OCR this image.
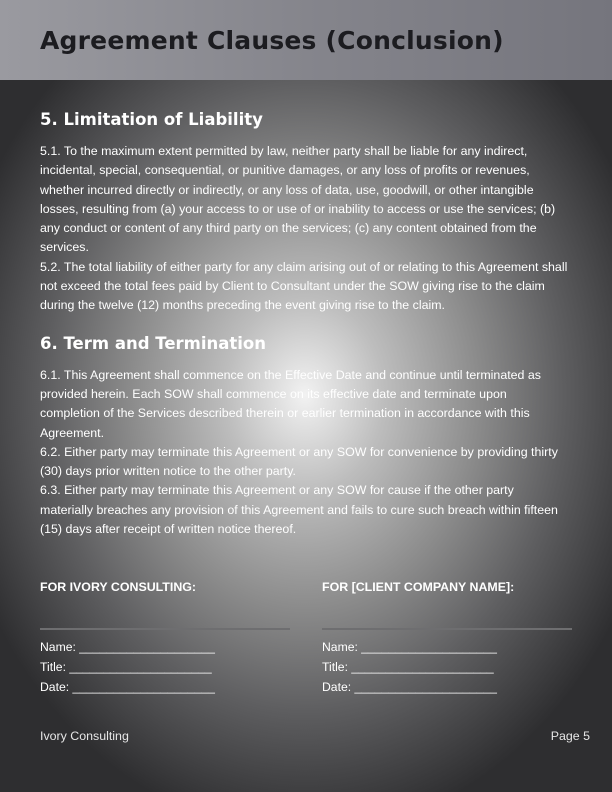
Agreement Clauses (Conclusion)
5. Limitation of Liability

5.1. To the maximum extent permitted by law, neither party shall be liable for any indirect, incidental, special, consequential, or punitive damages, or any loss of profits or revenues, whether incurred directly or indirectly, or any loss of data, use, goodwill, or other intangible losses, resulting from (a) your access to or use of or inability to access or use the services; (b) any conduct or content of any third party on the services; (c) any content obtained from the services.

5.2. The total liability of either party for any claim arising out of or relating to this Agreement shall not exceed the total fees paid by Client to Consultant under the SOW giving rise to the claim during the twelve (12) months preceding the event giving rise to the claim.

6. Term and Termination

6.1. This Agreement shall commence on the Effective Date and continue until terminated as provided herein. Each SOW shall commence on its effective date and terminate upon completion of the Services described therein or earlier termination in accordance with this Agreement.

6.2. Either party may terminate this Agreement or any SOW for convenience by providing thirty (30) days prior written notice to the other party.

6.3. Either party may terminate this Agreement or any SOW for cause if the other party materially breaches any provision of this Agreement and fails to cure such breach within fifteen (15) days after receipt of written notice thereof.

FOR IVORY CONSULTING:
Name: ____________________
Title: _____________________
Date: _____________________
FOR [CLIENT COMPANY NAME]:
Name: ____________________
Title: _____________________
Date: _____________________
Ivory Consulting	Page 5
